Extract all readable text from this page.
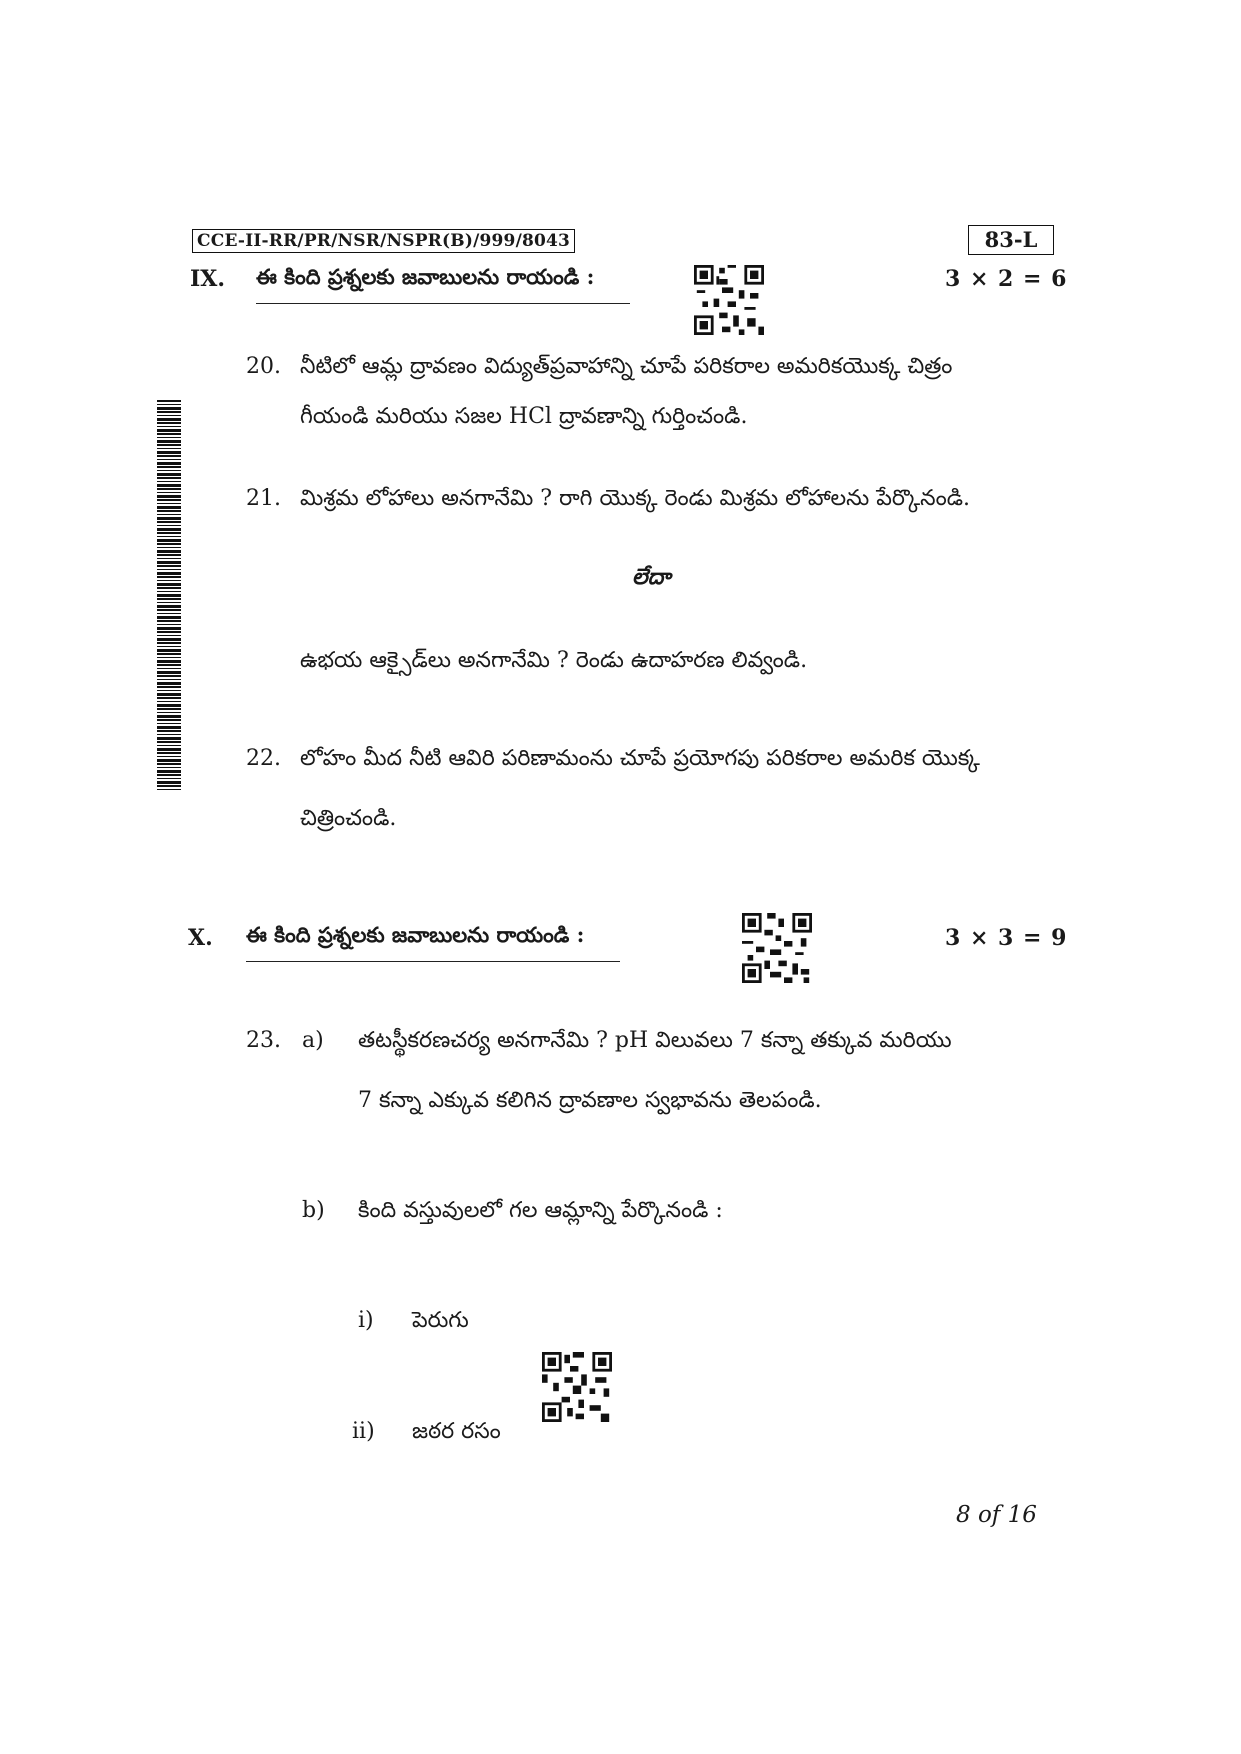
CCE-II-RR/PR/NSR/NSPR(B)/999/8043	83-L
IX. ఈ కింది ప్రశ్నలకు జవాబులను రాయండి :	3 × 2 = 6
20. నీటిలో ఆమ్ల ద్రావణం విద్యుత్‌ప్రవాహాన్ని చూపే పరికరాల అమరికయొక్క చిత్రం
గీయండి మరియు సజల HCl ద్రావణాన్ని గుర్తించండి.
21. మిశ్రమ లోహాలు అనగానేమి ? రాగి యొక్క రెండు మిశ్రమ లోహాలను పేర్కొనండి.
లేదా
ఉభయ ఆక్సైడ్‌లు అనగానేమి ? రెండు ఉదాహరణ లివ్వండి.
22. లోహం మీద నీటి ఆవిరి పరిణామంను చూపే ప్రయోగపు పరికరాల అమరిక యొక్క
చిత్రించండి.
X. ఈ కింది ప్రశ్నలకు జవాబులను రాయండి :	3 × 3 = 9
23. a) తటస్థీకరణచర్య అనగానేమి ? pH విలువలు 7 కన్నా తక్కువ మరియు
7 కన్నా ఎక్కువ కలిగిన ద్రావణాల స్వభావను తెలపండి.
b) కింది వస్తువులలో గల ఆమ్లాన్ని పేర్కొనండి :
i) పెరుగు
ii) జఠర రసం
8 of 16
